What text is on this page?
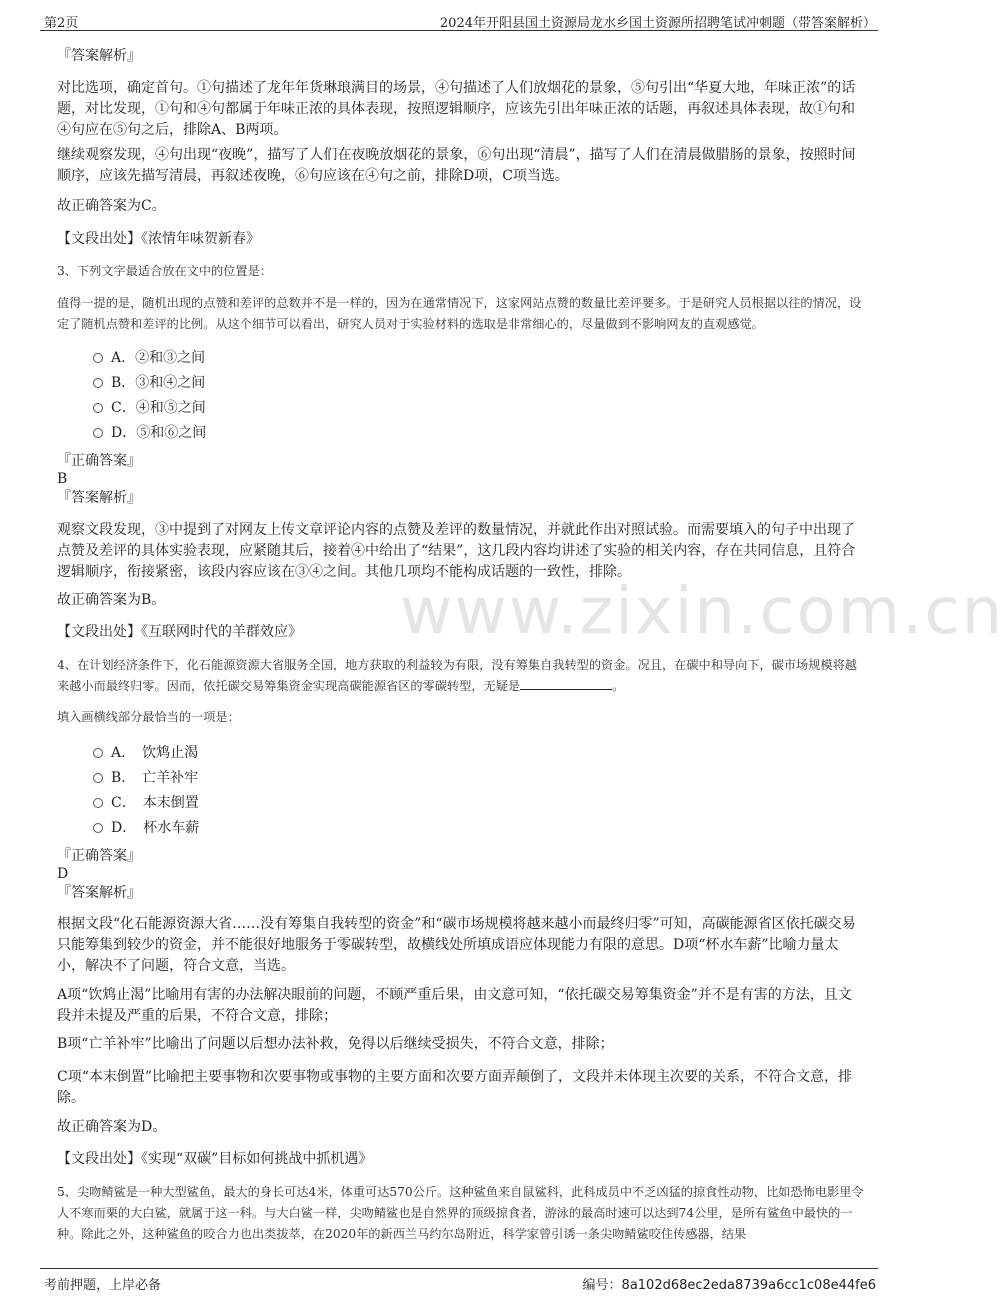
第2页	2024年开阳县国土资源局龙水乡国土资源所招聘笔试冲刺题（带答案解析）
www.zixin.com.cn
『答案解析』
对比选项，确定首句。①句描述了龙年年货琳琅满目的场景，④句描述了人们放烟花的景象，⑤句引出“华夏大地，年味正浓”的话题，对比发现，①句和④句都属于年味正浓的具体表现，按照逻辑顺序，应该先引出年味正浓的话题，再叙述具体表现，故①句和④句应在⑤句之后，排除A、B两项。
继续观察发现，④句出现“夜晚”，描写了人们在夜晚放烟花的景象，⑥句出现“清晨”，描写了人们在清晨做腊肠的景象，按照时间顺序，应该先描写清晨，再叙述夜晚，⑥句应该在④句之前，排除D项，C项当选。
故正确答案为C。
【文段出处】《浓情年味贺新春》
3、下列文字最适合放在文中的位置是：
值得一提的是，随机出现的点赞和差评的总数并不是一样的，因为在通常情况下，这家网站点赞的数量比差评要多。于是研究人员根据以往的情况，设定了随机点赞和差评的比例。从这个细节可以看出，研究人员对于实验材料的选取是非常细心的，尽量做到不影响网友的直观感觉。
A．②和③之间
B．③和④之间
C．④和⑤之间
D．⑤和⑥之间
『正确答案』
B
『答案解析』
观察文段发现，③中提到了对网友上传文章评论内容的点赞及差评的数量情况，并就此作出对照试验。而需要填入的句子中出现了点赞及差评的具体实验表现，应紧随其后，接着④中给出了“结果”，这几段内容均讲述了实验的相关内容，存在共同信息，且符合逻辑顺序，衔接紧密，该段内容应该在③④之间。其他几项均不能构成话题的一致性，排除。
故正确答案为B。
【文段出处】《互联网时代的羊群效应》
4、在计划经济条件下，化石能源资源大省服务全国，地方获取的利益较为有限，没有筹集自我转型的资金。况且，在碳中和导向下，碳市场规模将越来越小而最终归零。因而，依托碳交易筹集资金实现高碳能源省区的零碳转型，无疑是	。
填入画横线部分最恰当的一项是：
A．　饮鸩止渴
B．　亡羊补牢
C．　本末倒置
D．　杯水车薪
『正确答案』
D
『答案解析』
根据文段“化石能源资源大省……没有筹集自我转型的资金”和“碳市场规模将越来越小而最终归零”可知，高碳能源省区依托碳交易只能筹集到较少的资金，并不能很好地服务于零碳转型，故横线处所填成语应体现能力有限的意思。D项“杯水车薪”比喻力量太小，解决不了问题，符合文意，当选。
A项“饮鸩止渴”比喻用有害的办法解决眼前的问题，不顾严重后果，由文意可知，“依托碳交易筹集资金”并不是有害的方法，且文段并未提及严重的后果，不符合文意，排除；
B项“亡羊补牢”比喻出了问题以后想办法补救，免得以后继续受损失，不符合文意，排除；
C项“本末倒置”比喻把主要事物和次要事物或事物的主要方面和次要方面弄颠倒了，文段并未体现主次要的关系，不符合文意，排除。
故正确答案为D。
【文段出处】《实现“双碳”目标如何挑战中抓机遇》
5、尖吻鲭鲨是一种大型鲨鱼，最大的身长可达4米，体重可达570公斤。这种鲨鱼来自鼠鲨科，此科成员中不乏凶猛的掠食性动物，比如恐怖电影里令人不寒而栗的大白鲨，就属于这一科。与大白鲨一样，尖吻鲭鲨也是自然界的顶级掠食者，游泳的最高时速可以达到74公里，是所有鲨鱼中最快的一种。除此之外，这种鲨鱼的咬合力也出类拔萃，在2020年的新西兰马约尔岛附近，科学家曾引诱一条尖吻鲭鲨咬住传感器，结果
考前押题，上岸必备	编号：8a102d68ec2eda8739a6cc1c08e44fe6
